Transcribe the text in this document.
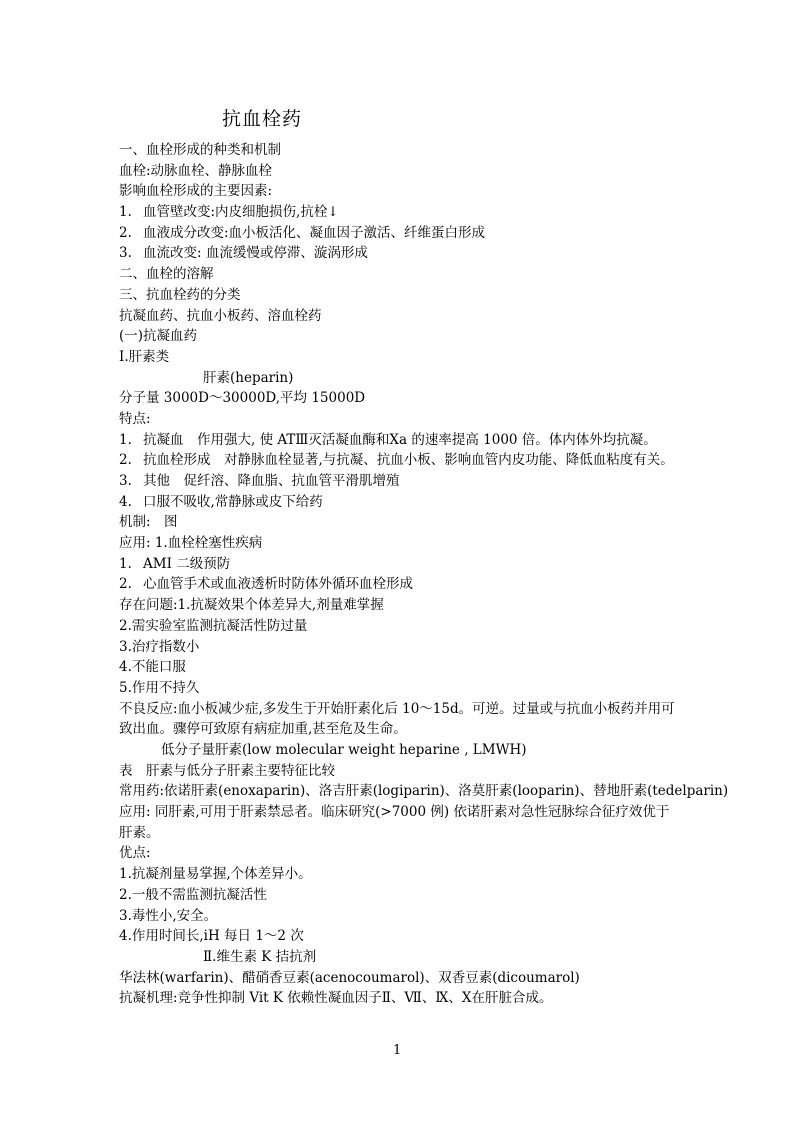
抗血栓药
一、血栓形成的种类和机制
血栓:动脉血栓、静脉血栓
影响血栓形成的主要因素:
1. 血管壁改变:内皮细胞损伤,抗栓↓
2. 血液成分改变:血小板活化、凝血因子激活、纤维蛋白形成
3. 血流改变: 血流缓慢或停滞、漩涡形成
二、血栓的溶解
三、抗血栓药的分类
抗凝血药、抗血小板药、溶血栓药
(一)抗凝血药
Ⅰ.肝素类
肝素(heparin)
分子量 3000D～30000D,平均 15000D
特点:
1. 抗凝血　作用强大, 使 ATⅢ灭活凝血酶和Ⅹa 的速率提高 1000 倍。体内体外均抗凝。
2. 抗血栓形成　对静脉血栓显著,与抗凝、抗血小板、影响血管内皮功能、降低血粘度有关。
3. 其他　促纤溶、降血脂、抗血管平滑肌增殖
4. 口服不吸收,常静脉或皮下给药
机制:　图
应用: 1.血栓栓塞性疾病
1. AMI 二级预防
2. 心血管手术或血液透析时防体外循环血栓形成
存在问题:1.抗凝效果个体差异大,剂量难掌握
2.需实验室监测抗凝活性防过量
3.治疗指数小
4.不能口服
5.作用不持久
不良反应:血小板减少症,多发生于开始肝素化后 10～15d。可逆。过量或与抗血小板药并用可致出血。骤停可致原有病症加重,甚至危及生命。
低分子量肝素(low molecular weight heparine , LMWH)
表　肝素与低分子肝素主要特征比较
常用药:依诺肝素(enoxaparin)、洛吉肝素(logiparin)、洛莫肝素(looparin)、替地肝素(tedelparin)
应用: 同肝素,可用于肝素禁忌者。临床研究(>7000 例) 依诺肝素对急性冠脉综合征疗效优于肝素。
优点:
1.抗凝剂量易掌握,个体差异小。
2.一般不需监测抗凝活性
3.毒性小,安全。
4.作用时间长,iH 每日 1～2 次
Ⅱ.维生素 K 拮抗剂
华法林(warfarin)、醋硝香豆素(acenocoumarol)、双香豆素(dicoumarol)
抗凝机理:竞争性抑制 Vit K 依赖性凝血因子Ⅱ、Ⅶ、Ⅸ、Ⅹ在肝脏合成。
1
